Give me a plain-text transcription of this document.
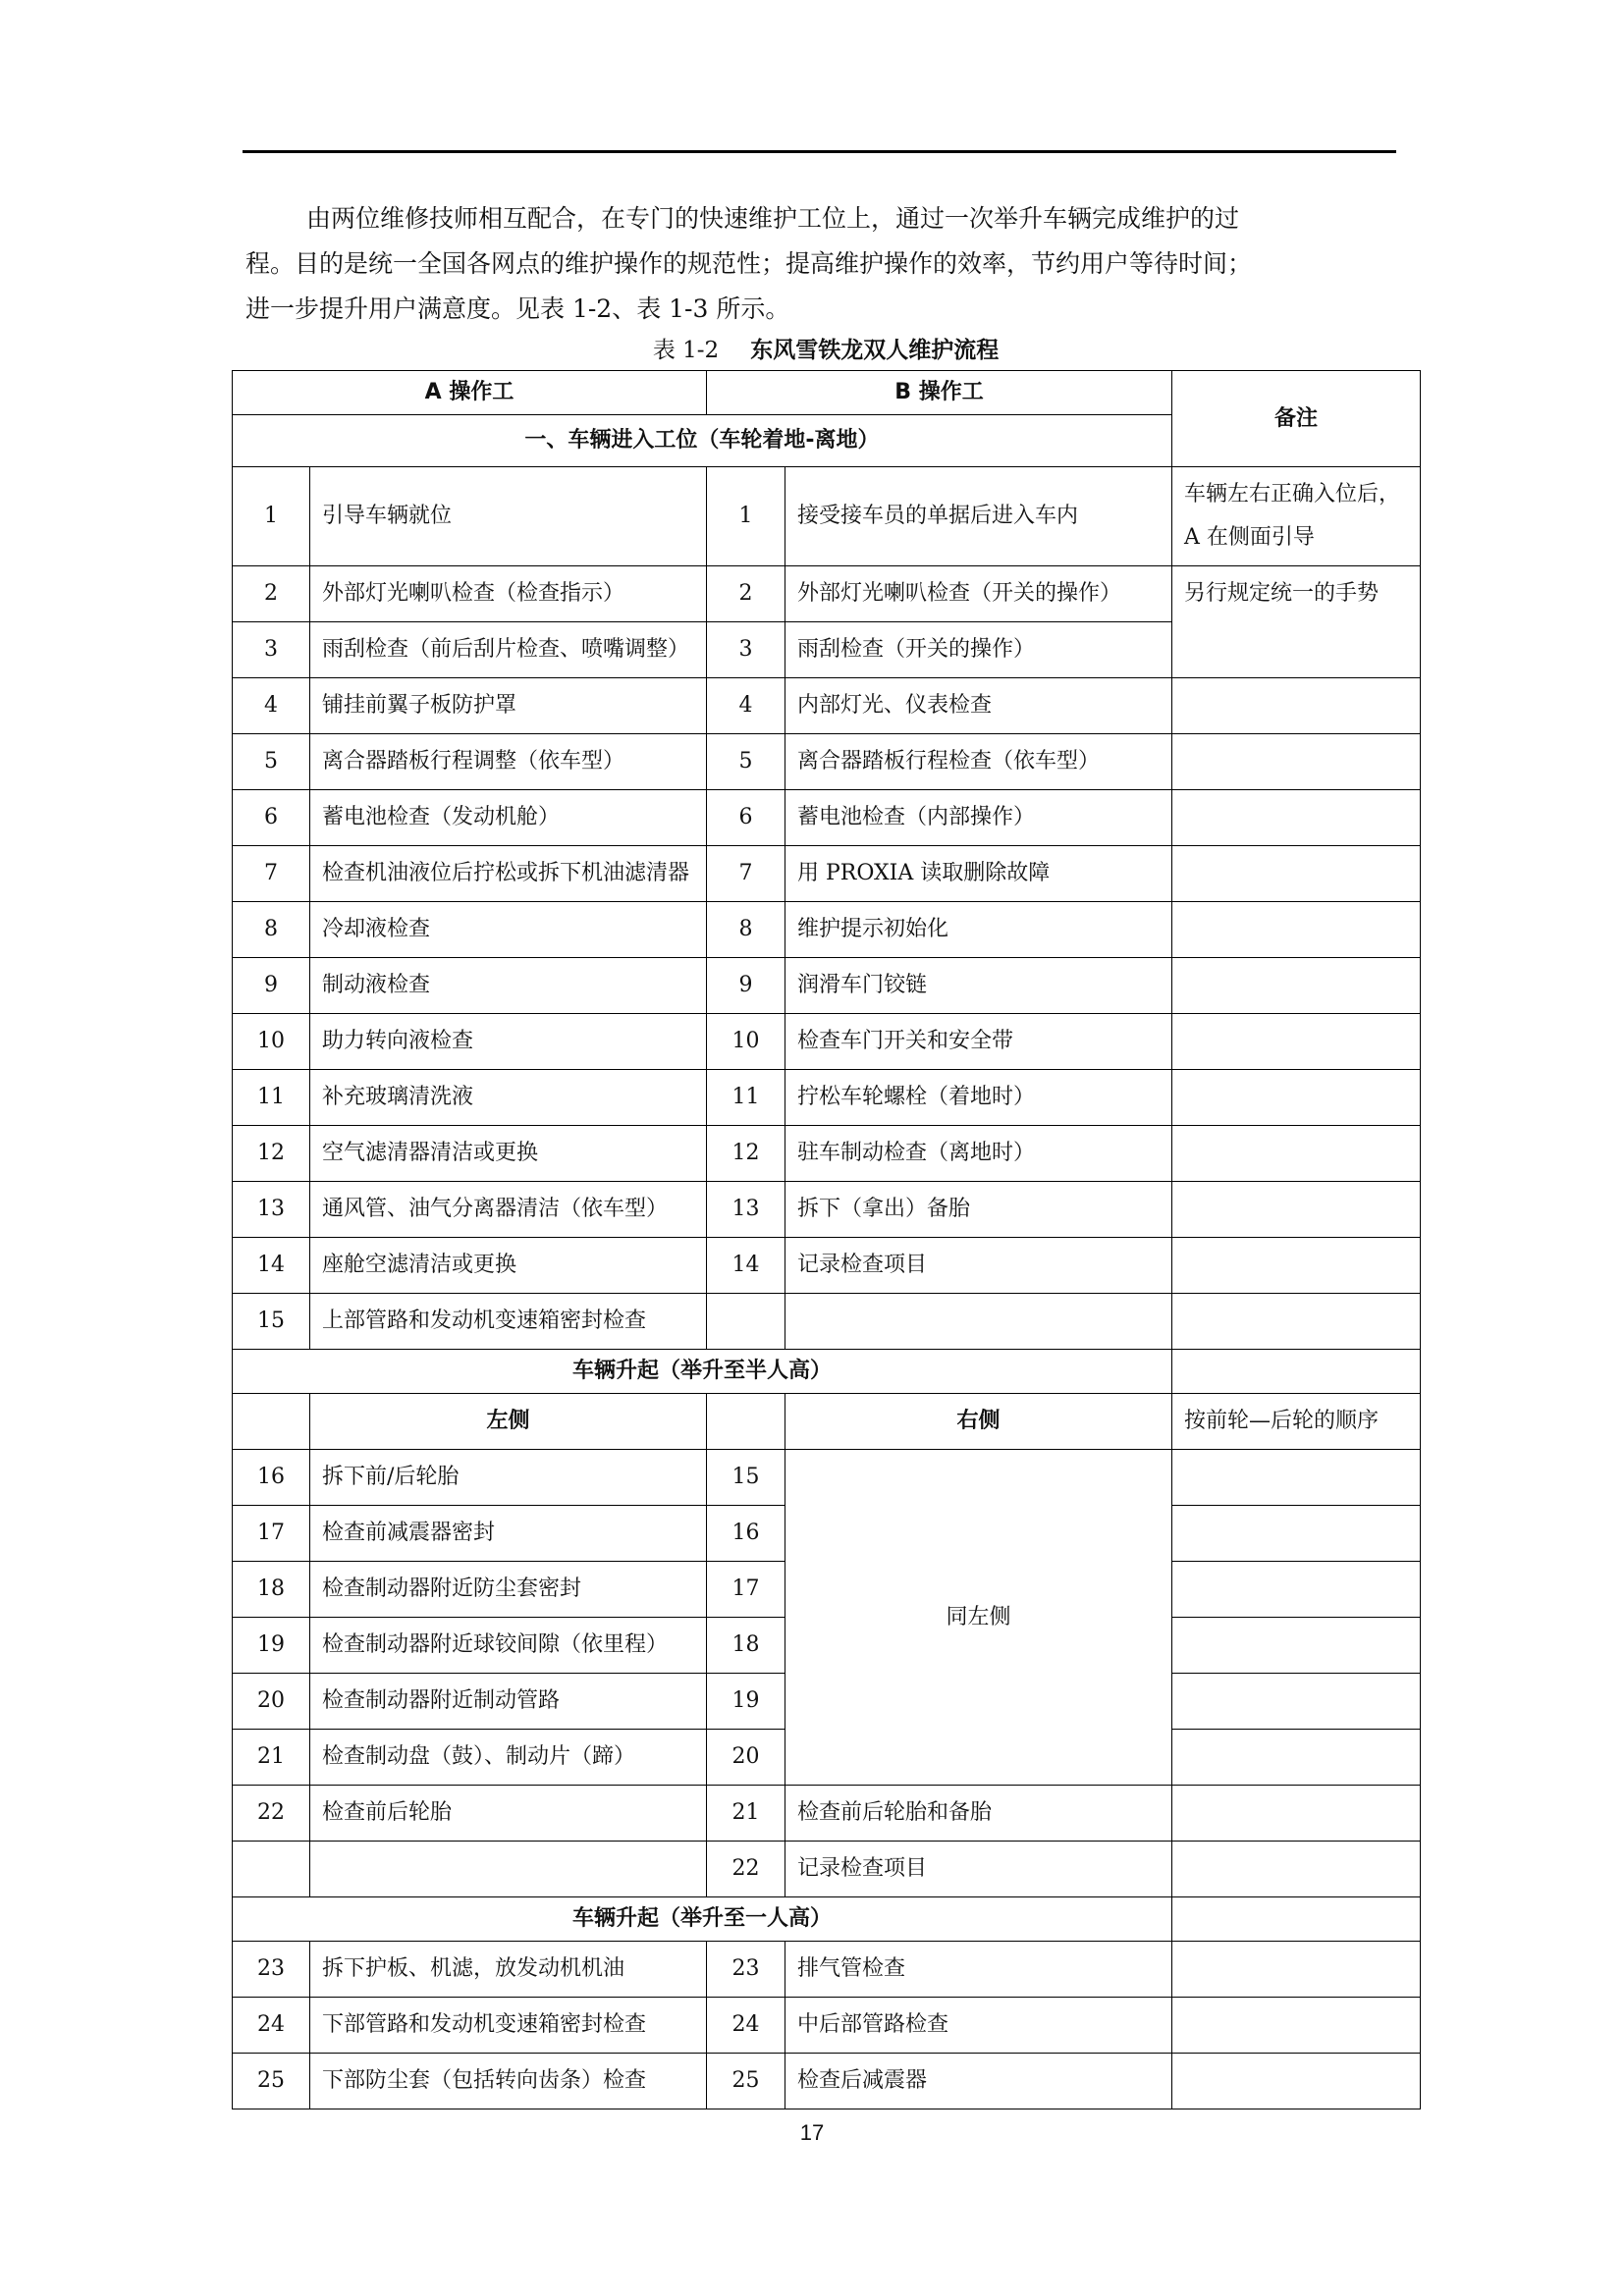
由两位维修技师相互配合，在专门的快速维护工位上，通过一次举升车辆完成维护的过
程。目的是统一全国各网点的维护操作的规范性；提高维护操作的效率，节约用户等待时间；
进一步提升用户满意度。见表 1-2、表 1-3 所示。

表 1-2 东风雪铁龙双人维护流程
A 操作工		B 操作工		备注
一、车辆进入工位（车轮着地-离地）				
1	引导车辆就位	1	接受接车员的单据后进入车内	车辆左右正确入位后，A 在侧面引导
2	外部灯光喇叭检查（检查指示）	2	外部灯光喇叭检查（开关的操作）	另行规定统一的手势
3	雨刮检查（前后刮片检查、喷嘴调整）	3	雨刮检查（开关的操作）	
4	铺挂前翼子板防护罩	4	内部灯光、仪表检查	
5	离合器踏板行程调整（依车型）	5	离合器踏板行程检查（依车型）	
6	蓄电池检查（发动机舱）	6	蓄电池检查（内部操作）	
7	检查机油液位后拧松或拆下机油滤清器	7	用 PROXIA 读取删除故障	
8	冷却液检查	8	维护提示初始化	
9	制动液检查	9	润滑车门铰链	
10	助力转向液检查	10	检查车门开关和安全带	
11	补充玻璃清洗液	11	拧松车轮螺栓（着地时）	
12	空气滤清器清洁或更换	12	驻车制动检查（离地时）	
13	通风管、油气分离器清洁（依车型）	13	拆下（拿出）备胎	
14	座舱空滤清洁或更换	14	记录检查项目	
15	上部管路和发动机变速箱密封检查			
车辆升起（举升至半人高）				
	左侧		右侧	按前轮—后轮的顺序
16	拆下前/后轮胎	15	同左侧	
17	检查前减震器密封	16		
18	检查制动器附近防尘套密封	17		
19	检查制动器附近球铰间隙（依里程）	18		
20	检查制动器附近制动管路	19		
21	检查制动盘（鼓）、制动片（蹄）	20		
22	检查前后轮胎	21	检查前后轮胎和备胎	
		22	记录检查项目	
车辆升起（举升至一人高）				
23	拆下护板、机滤，放发动机机油	23	排气管检查	
24	下部管路和发动机变速箱密封检查	24	中后部管路检查	
25	下部防尘套（包括转向齿条）检查	25	检查后减震器	
17
